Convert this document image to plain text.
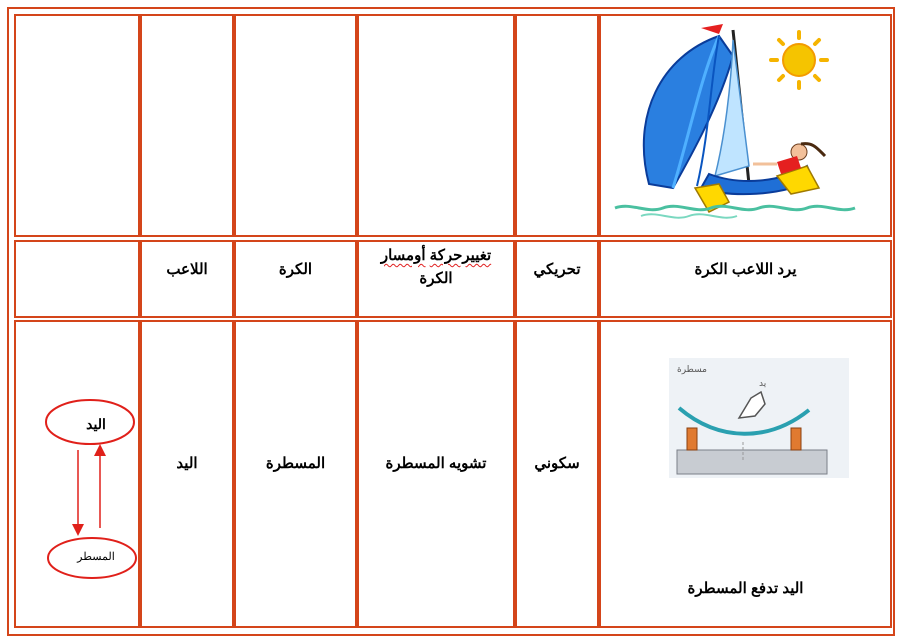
يرد اللاعب الكرة
تحريكي
تغييرحركة أومسار
الكرة
الكرة
اللاعب
مسطرة
يد
اليد تدفع المسطرة
سكوني
تشويه المسطرة
المسطرة
اليد
اليد
المسطر
